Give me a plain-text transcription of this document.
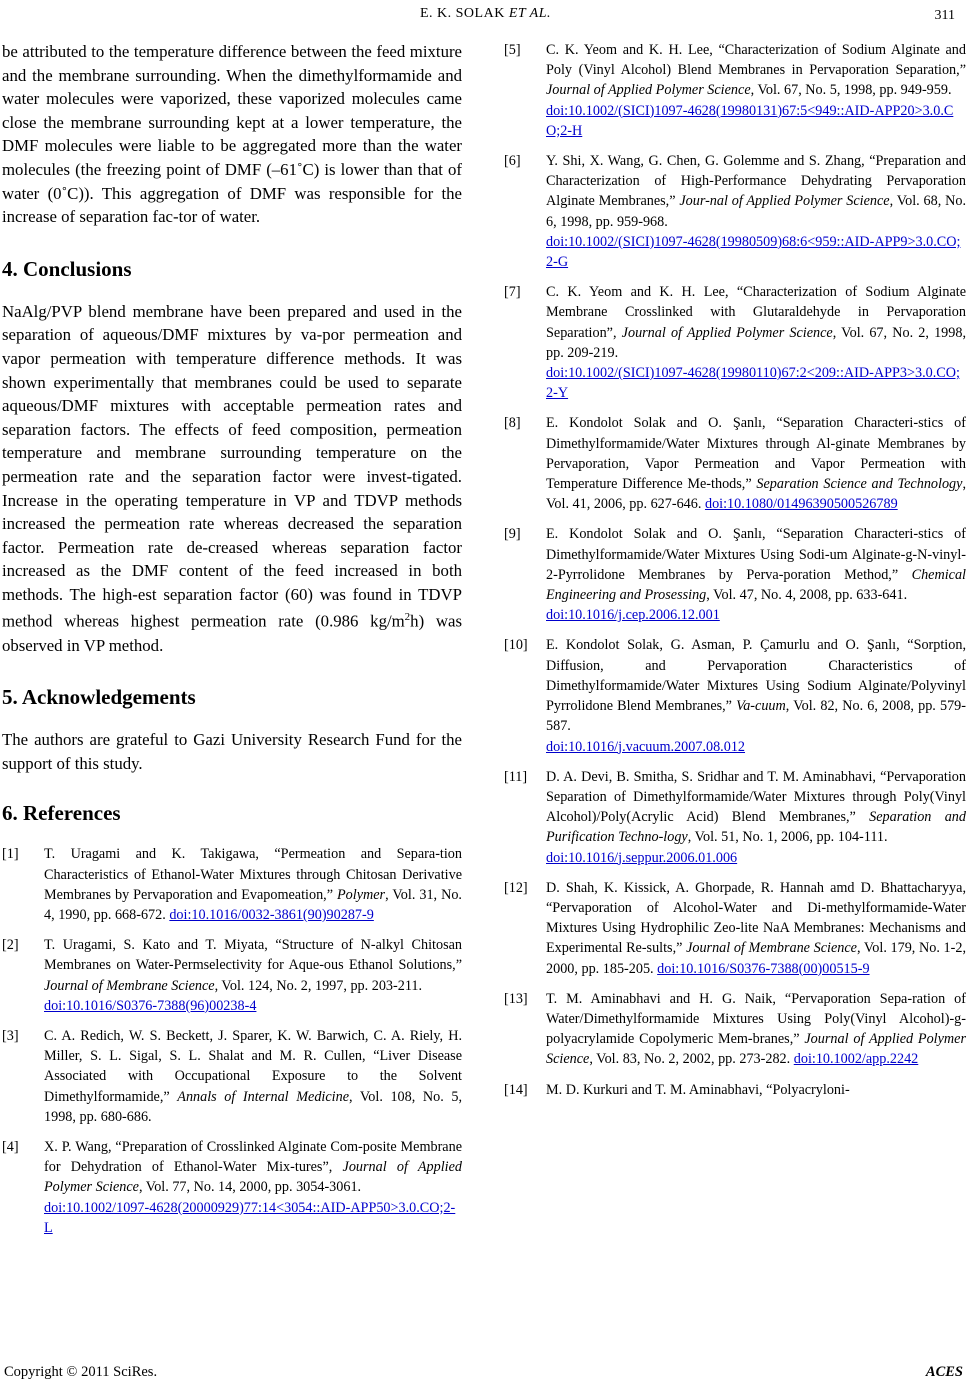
E. K. SOLAK ET AL.	311

be attributed to the temperature difference between the feed mixture and the membrane surrounding. When the dimethylformamide and water molecules were vaporized, these vaporized molecules came close the membrane surrounding kept at a lower temperature, the DMF molecules were liable to be aggregated more than the water molecules (the freezing point of DMF (–61˚C) is lower than that of water (0˚C)). This aggregation of DMF was responsible for the increase of separation fac-tor of water.

4. Conclusions

NaAlg/PVP blend membrane have been prepared and used in the separation of aqueous/DMF mixtures by va-por permeation and vapor permeation with temperature difference methods. It was shown experimentally that membranes could be used to separate aqueous/DMF mixtures with acceptable permeation rates and separation factors. The effects of feed composition, permeation temperature and membrane surrounding temperature on the permeation rate and the separation factor were invest-tigated. Increase in the operating temperature in VP and TDVP methods increased the permeation rate whereas decreased the separation factor. Permeation rate de-creased whereas separation factor increased as the DMF content of the feed increased in both methods. The high-est separation factor (60) was found in TDVP method whereas highest permeation rate (0.986 $kg/m^2h$) was observed in VP method.

5. Acknowledgements

The authors are grateful to Gazi University Research Fund for the support of this study.

6. References

[1] T. Uragami and K. Takigawa, “Permeation and Separa-tion Characteristics of Ethanol-Water Mixtures through Chitosan Derivative Membranes by Pervaporation and Evapomeation,” Polymer, Vol. 31, No. 4, 1990, pp. 668-672. doi:10.1016/0032-3861(90)90287-9

[2] T. Uragami, S. Kato and T. Miyata, “Structure of N-alkyl Chitosan Membranes on Water-Permselectivity for Aque-ous Ethanol Solutions,” Journal of Membrane Science, Vol. 124, No. 2, 1997, pp. 203-211.
doi:10.1016/S0376-7388(96)00238-4

[3] C. A. Redich, W. S. Beckett, J. Sparer, K. W. Barwich, C. A. Riely, H. Miller, S. L. Sigal, S. L. Shalat and M. R. Cullen, “Liver Disease Associated with Occupational Exposure to the Solvent Dimethylformamide,” Annals of Internal Medicine, Vol. 108, No. 5, 1998, pp. 680-686.

[4] X. P. Wang, “Preparation of Crosslinked Alginate Com-posite Membrane for Dehydration of Ethanol-Water Mix-tures”, Journal of Applied Polymer Science, Vol. 77, No. 14, 2000, pp. 3054-3061.
doi:10.1002/1097-4628(20000929)77:14<3054::AID-APP50>3.0.CO;2-L

[5] C. K. Yeom and K. H. Lee, “Characterization of Sodium Alginate and Poly (Vinyl Alcohol) Blend Membranes in Pervaporation Separation,” Journal of Applied Polymer Science, Vol. 67, No. 5, 1998, pp. 949-959.
doi:10.1002/(SICI)1097-4628(19980131)67:5<949::AID-APP20>3.0.CO;2-H

[6] Y. Shi, X. Wang, G. Chen, G. Golemme and S. Zhang, “Preparation and Characterization of High-Performance Dehydrating Pervaporation Alginate Membranes,” Jour-nal of Applied Polymer Science, Vol. 68, No. 6, 1998, pp. 959-968.
doi:10.1002/(SICI)1097-4628(19980509)68:6<959::AID-APP9>3.0.CO;2-G

[7] C. K. Yeom and K. H. Lee, “Characterization of Sodium Alginate Membrane Crosslinked with Glutaraldehyde in Pervaporation Separation”, Journal of Applied Polymer Science, Vol. 67, No. 2, 1998, pp. 209-219.
doi:10.1002/(SICI)1097-4628(19980110)67:2<209::AID-APP3>3.0.CO;2-Y

[8] E. Kondolot Solak and O. Şanlı, “Separation Characteri-stics of Dimethylformamide/Water Mixtures through Al-ginate Membranes by Pervaporation, Vapor Permeation and Vapor Permeation with Temperature Difference Me-thods,” Separation Science and Technology, Vol. 41, 2006, pp. 627-646. doi:10.1080/01496390500526789

[9] E. Kondolot Solak and O. Şanlı, “Separation Characteri-stics of Dimethylformamide/Water Mixtures Using Sodi-um Alginate-g-N-vinyl-2-Pyrrolidone Membranes by Perva-poration Method,” Chemical Engineering and Prosessing, Vol. 47, No. 4, 2008, pp. 633-641.
doi:10.1016/j.cep.2006.12.001

[10] E. Kondolot Solak, G. Asman, P. Çamurlu and O. Şanlı, “Sorption, Diffusion, and Pervaporation Characteristics of Dimethylformamide/Water Mixtures Using Sodium Alginate/Polyvinyl Pyrrolidone Blend Membranes,” Va-cuum, Vol. 82, No. 6, 2008, pp. 579-587.
doi:10.1016/j.vacuum.2007.08.012

[11] D. A. Devi, B. Smitha, S. Sridhar and T. M. Aminabhavi, “Pervaporation Separation of Dimethylformamide/Water Mixtures through Poly(Vinyl Alcohol)/Poly(Acrylic Acid) Blend Membranes,” Separation and Purification Techno-logy, Vol. 51, No. 1, 2006, pp. 104-111.
doi:10.1016/j.seppur.2006.01.006

[12] D. Shah, K. Kissick, A. Ghorpade, R. Hannah amd D. Bhattacharyya, “Pervaporation of Alcohol-Water and Di-methylformamide-Water Mixtures Using Hydrophilic Zeo-lite NaA Membranes: Mechanisms and Experimental Re-sults,” Journal of Membrane Science, Vol. 179, No. 1-2, 2000, pp. 185-205. doi:10.1016/S0376-7388(00)00515-9

[13] T. M. Aminabhavi and H. G. Naik, “Pervaporation Sepa-ration of Water/Dimethylformamide Mixtures Using Poly(Vinyl Alcohol)-g-polyacrylamide Copolymeric Mem-branes,” Journal of Applied Polymer Science, Vol. 83, No. 2, 2002, pp. 273-282. doi:10.1002/app.2242

[14] M. D. Kurkuri and T. M. Aminabhavi, “Polyacryloni-

Copyright © 2011 SciRes.	ACES
